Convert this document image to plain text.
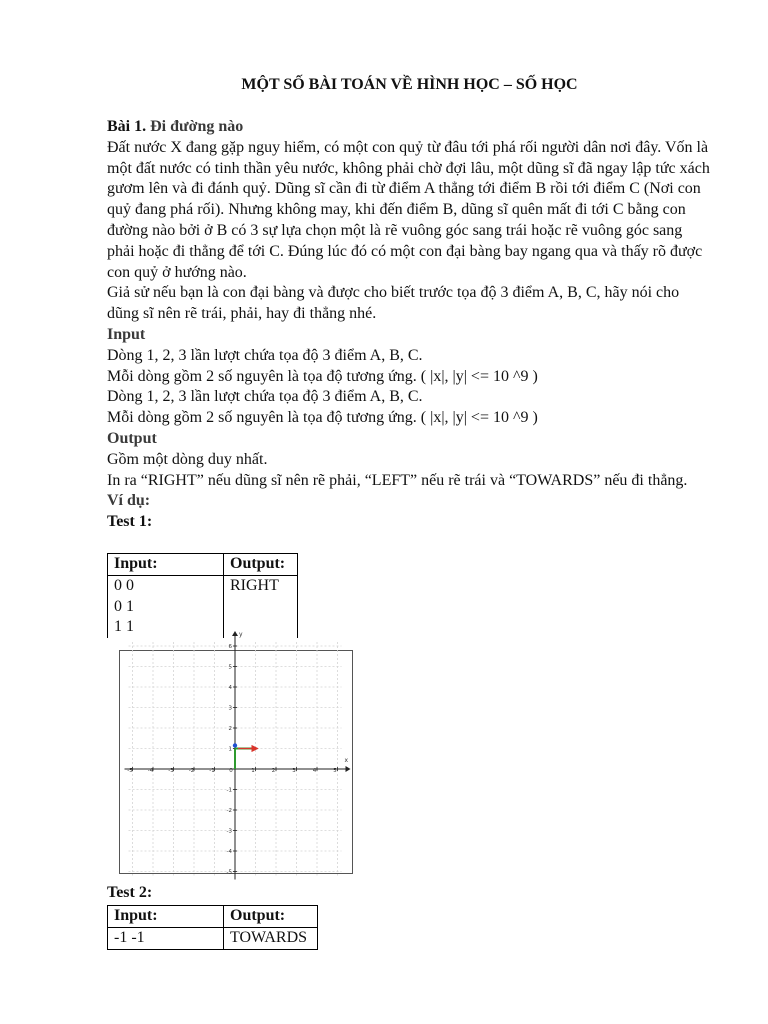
MỘT SỐ BÀI TOÁN VỀ HÌNH HỌC – SỐ HỌC

Bài 1. Đi đường nào

Đất nước X đang gặp nguy hiểm, có một con quỷ từ đâu tới phá rối người dân nơi đây. Vốn là một đất nước có tinh thần yêu nước, không phải chờ đợi lâu, một dũng sĩ đã ngay lập tức xách gươm lên và đi đánh quỷ. Dũng sĩ cần đi từ điểm A thẳng tới điểm B rồi tới điểm C (Nơi con quỷ đang phá rối). Nhưng không may, khi đến điểm B, dũng sĩ quên mất đi tới C bằng con đường nào bởi ở B có 3 sự lựa chọn một là rẽ vuông góc sang trái hoặc rẽ vuông góc sang phải hoặc đi thẳng để tới C. Đúng lúc đó có một con đại bàng bay ngang qua và thấy rõ được con quỷ ở hướng nào.

Giả sử nếu bạn là con đại bàng và được cho biết trước tọa độ 3 điểm A, B, C, hãy nói cho dũng sĩ nên rẽ trái, phải, hay đi thẳng nhé.

Input

Dòng 1, 2, 3 lần lượt chứa tọa độ 3 điểm A, B, C.

Mỗi dòng gồm 2 số nguyên là tọa độ tương ứng. ( |x|, |y| <= 10 ^9 )

Dòng 1, 2, 3 lần lượt chứa tọa độ 3 điểm A, B, C.

Mỗi dòng gồm 2 số nguyên là tọa độ tương ứng. ( |x|, |y| <= 10 ^9 )

Output

Gồm một dòng duy nhất.

In ra “RIGHT” nếu dũng sĩ nên rẽ phải, “LEFT” nếu rẽ trái và “TOWARDS” nếu đi thẳng.

Ví dụ:

Test 1:

Input:	Output:

0 0
0 1
1 1	RIGHT
Test 2:
Input:	Output:
-1 -1	TOWARDS
x
y
-5	-4	-3	-2	-1	0	1	2	3	4	5
6
5
4
3
2
1
-1
-2
-3
-4
-5
